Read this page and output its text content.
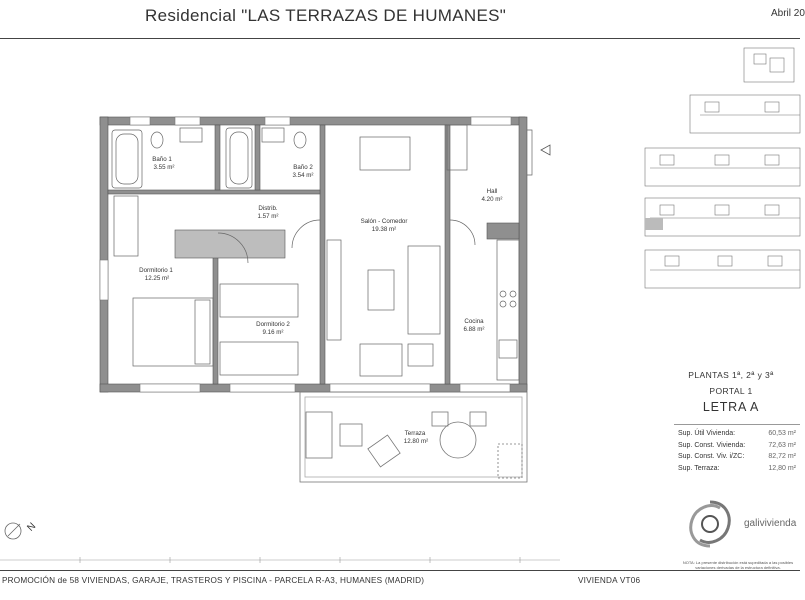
Residencial "LAS TERRAZAS DE HUMANES"	Abril 20
Baño 1
3.55 m²	Baño 2
3.54 m²
Distrib.
1.57 m²
Hall
4.20 m²
Salón - Comedor
19.38 m²
Dormitorio 1
12.25 m²
Dormitorio 2
9.16 m²
Cocina
6.88 m²
Terraza
12.80 m²
PLANTAS 1ª, 2ª y 3ª
PORTAL 1
LETRA A
Sup. Útil Vivienda:	60,53 m²
Sup. Const. Vivienda:	72,63 m²
Sup. Const. Viv. i/ZC:	82,72 m²
Sup. Terraza:	12,80 m²
galivivienda
NOTA: La presente distribución está supeditada a las posibles variaciones derivadas de la estructura definitiva.
N
PROMOCIÓN de 58 VIVIENDAS, GARAJE, TRASTEROS Y PISCINA - PARCELA R-A3, HUMANES (MADRID)	VIVIENDA VT06
